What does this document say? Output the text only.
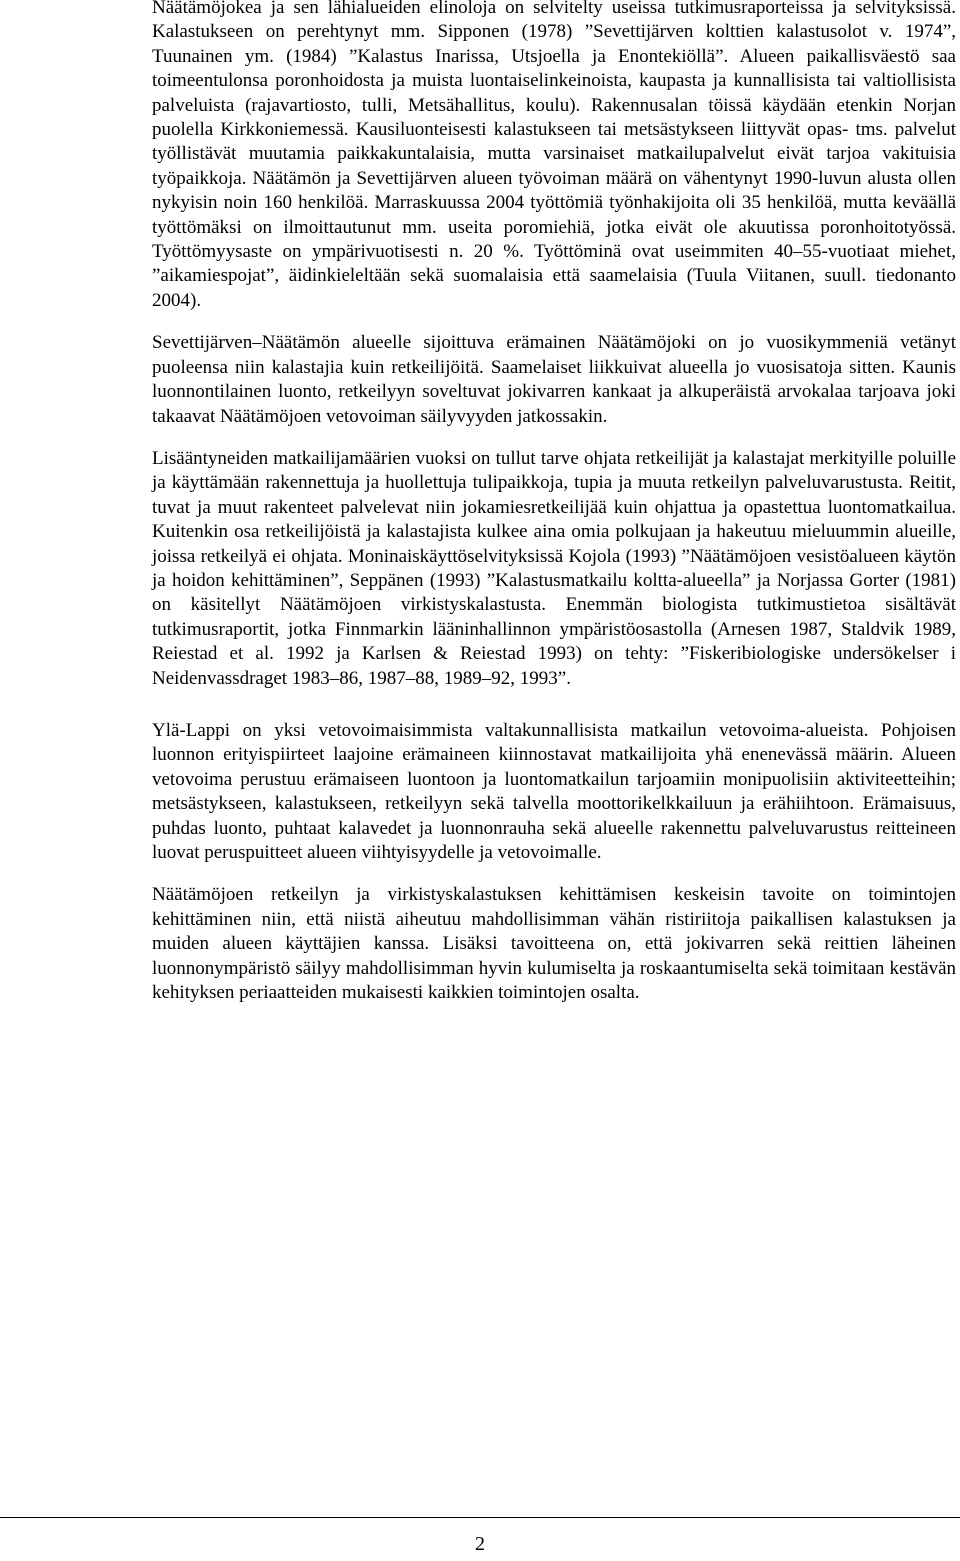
Näätämöjokea ja sen lähialueiden elinoloja on selvitelty useissa tutkimusraporteissa ja selvityksissä. Kalastukseen on perehtynyt mm. Sipponen (1978) ”Sevettijärven kolttien kalastusolot v. 1974”, Tuunainen ym. (1984) ”Kalastus Inarissa, Utsjoella ja Enontekiöllä”. Alueen paikallisväestö saa toimeentulonsa poronhoidosta ja muista luontaiselinkeinoista, kaupasta ja kunnallisista tai valtiollisista palveluista (rajavartiosto, tulli, Metsähallitus, koulu). Rakennusalan töissä käydään etenkin Norjan puolella Kirkkoniemessä. Kausiluonteisesti kalastukseen tai metsästykseen liittyvät opas- tms. palvelut työllistävät muutamia paikkakuntalaisia, mutta varsinaiset matkailupalvelut eivät tarjoa vakituisia työpaikkoja. Näätämön ja Sevettijärven alueen työvoiman määrä on vähentynyt 1990-luvun alusta ollen nykyisin noin 160 henkilöä. Marraskuussa 2004 työttömiä työnhakijoita oli 35 henkilöä, mutta keväällä työttömäksi on ilmoittautunut mm. useita poromiehiä, jotka eivät ole akuutissa poronhoitotyössä. Työttömyysaste on ympärivuotisesti n. 20 %. Työttöminä ovat useimmiten 40–55-vuotiaat miehet, ”aikamiespojat”, äidinkieleltään sekä suomalaisia että saamelaisia (Tuula Viitanen, suull. tiedonanto 2004).

Sevettijärven–Näätämön alueelle sijoittuva erämainen Näätämöjoki on jo vuosikymmeniä vetänyt puoleensa niin kalastajia kuin retkeilijöitä. Saamelaiset liikkuivat alueella jo vuosisatoja sitten. Kaunis luonnontilainen luonto, retkeilyyn soveltuvat jokivarren kankaat ja alkuperäistä arvokalaa tarjoava joki takaavat Näätämöjoen vetovoiman säilyvyyden jatkossakin.

Lisääntyneiden matkailijamäärien vuoksi on tullut tarve ohjata retkeilijät ja kalastajat merkityille poluille ja käyttämään rakennettuja ja huollettuja tulipaikkoja, tupia ja muuta retkeilyn palveluvarustusta. Reitit, tuvat ja muut rakenteet palvelevat niin jokamiesretkeilijää kuin ohjattua ja opastettua luontomatkailua. Kuitenkin osa retkeilijöistä ja kalastajista kulkee aina omia polkujaan ja hakeutuu mieluummin alueille, joissa retkeilyä ei ohjata. Moninaiskäyttöselvityksissä Kojola (1993) ”Näätämöjoen vesistöalueen käytön ja hoidon kehittäminen”, Seppänen (1993) ”Kalastusmatkailu koltta-alueella” ja Norjassa Gorter (1981) on käsitellyt Näätämöjoen virkistyskalastusta. Enemmän biologista tutkimustietoa sisältävät tutkimusraportit, jotka Finnmarkin lääninhallinnon ympäristöosastolla (Arnesen 1987, Staldvik 1989, Reiestad et al. 1992 ja Karlsen & Reiestad 1993) on tehty: ”Fiskeribiologiske undersökelser i Neidenvassdraget 1983–86, 1987–88, 1989–92, 1993”.

Ylä-Lappi on yksi vetovoimaisimmista valtakunnallisista matkailun vetovoima-alueista. Pohjoisen luonnon erityispiirteet laajoine erämaineen kiinnostavat matkailijoita yhä enenevässä määrin. Alueen vetovoima perustuu erämaiseen luontoon ja luontomatkailun tarjoamiin monipuolisiin aktiviteetteihin; metsästykseen, kalastukseen, retkeilyyn sekä talvella moottorikelkkailuun ja erähiihtoon. Erämaisuus, puhdas luonto, puhtaat kalavedet ja luonnonrauha sekä alueelle rakennettu palveluvarustus reitteineen luovat peruspuitteet alueen viihtyisyydelle ja vetovoimalle.

Näätämöjoen retkeilyn ja virkistyskalastuksen kehittämisen keskeisin tavoite on toimintojen kehittäminen niin, että niistä aiheutuu mahdollisimman vähän ristiriitoja paikallisen kalastuksen ja muiden alueen käyttäjien kanssa. Lisäksi tavoitteena on, että jokivarren sekä reittien läheinen luonnonympäristö säilyy mahdollisimman hyvin kulumiselta ja roskaantumiselta sekä toimitaan kestävän kehityksen periaatteiden mukaisesti kaikkien toimintojen osalta.

2
